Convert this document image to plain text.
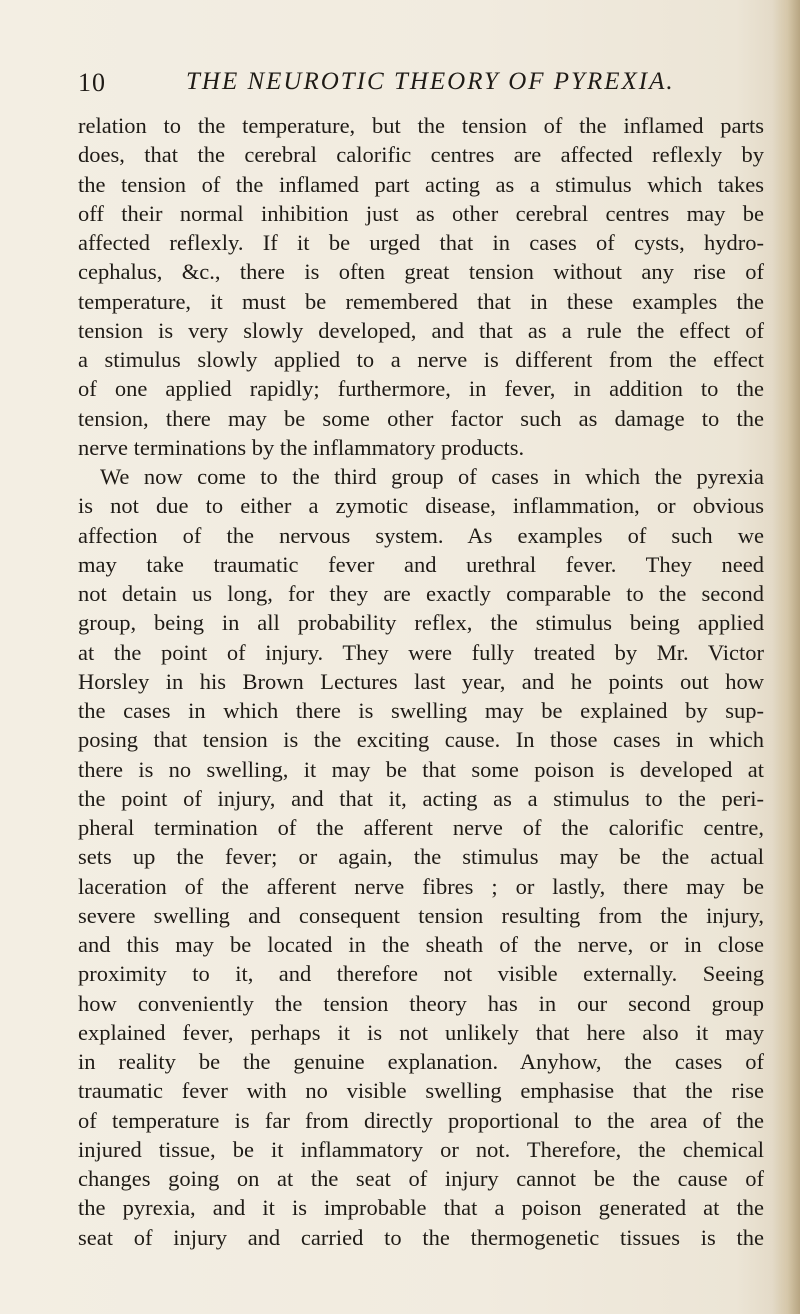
10	THE NEUROTIC THEORY OF PYREXIA.
relation to the temperature, but the tension of the inflamed parts
does, that the cerebral calorific centres are affected reflexly by
the tension of the inflamed part acting as a stimulus which takes
off their normal inhibition just as other cerebral centres may be
affected reflexly. If it be urged that in cases of cysts, hydro-
cephalus, &c., there is often great tension without any rise of
temperature, it must be remembered that in these examples the
tension is very slowly developed, and that as a rule the effect of
a stimulus slowly applied to a nerve is different from the effect
of one applied rapidly; furthermore, in fever, in addition to the
tension, there may be some other factor such as damage to the
nerve terminations by the inflammatory products.
We now come to the third group of cases in which the pyrexia
is not due to either a zymotic disease, inflammation, or obvious
affection of the nervous system. As examples of such we
may take traumatic fever and urethral fever. They need
not detain us long, for they are exactly comparable to the second
group, being in all probability reflex, the stimulus being applied
at the point of injury. They were fully treated by Mr. Victor
Horsley in his Brown Lectures last year, and he points out how
the cases in which there is swelling may be explained by sup-
posing that tension is the exciting cause. In those cases in which
there is no swelling, it may be that some poison is developed at
the point of injury, and that it, acting as a stimulus to the peri-
pheral termination of the afferent nerve of the calorific centre,
sets up the fever; or again, the stimulus may be the actual
laceration of the afferent nerve fibres ; or lastly, there may be
severe swelling and consequent tension resulting from the injury,
and this may be located in the sheath of the nerve, or in close
proximity to it, and therefore not visible externally. Seeing
how conveniently the tension theory has in our second group
explained fever, perhaps it is not unlikely that here also it may
in reality be the genuine explanation. Anyhow, the cases of
traumatic fever with no visible swelling emphasise that the rise
of temperature is far from directly proportional to the area of the
injured tissue, be it inflammatory or not. Therefore, the chemical
changes going on at the seat of injury cannot be the cause of
the pyrexia, and it is improbable that a poison generated at the
seat of injury and carried to the thermogenetic tissues is the
